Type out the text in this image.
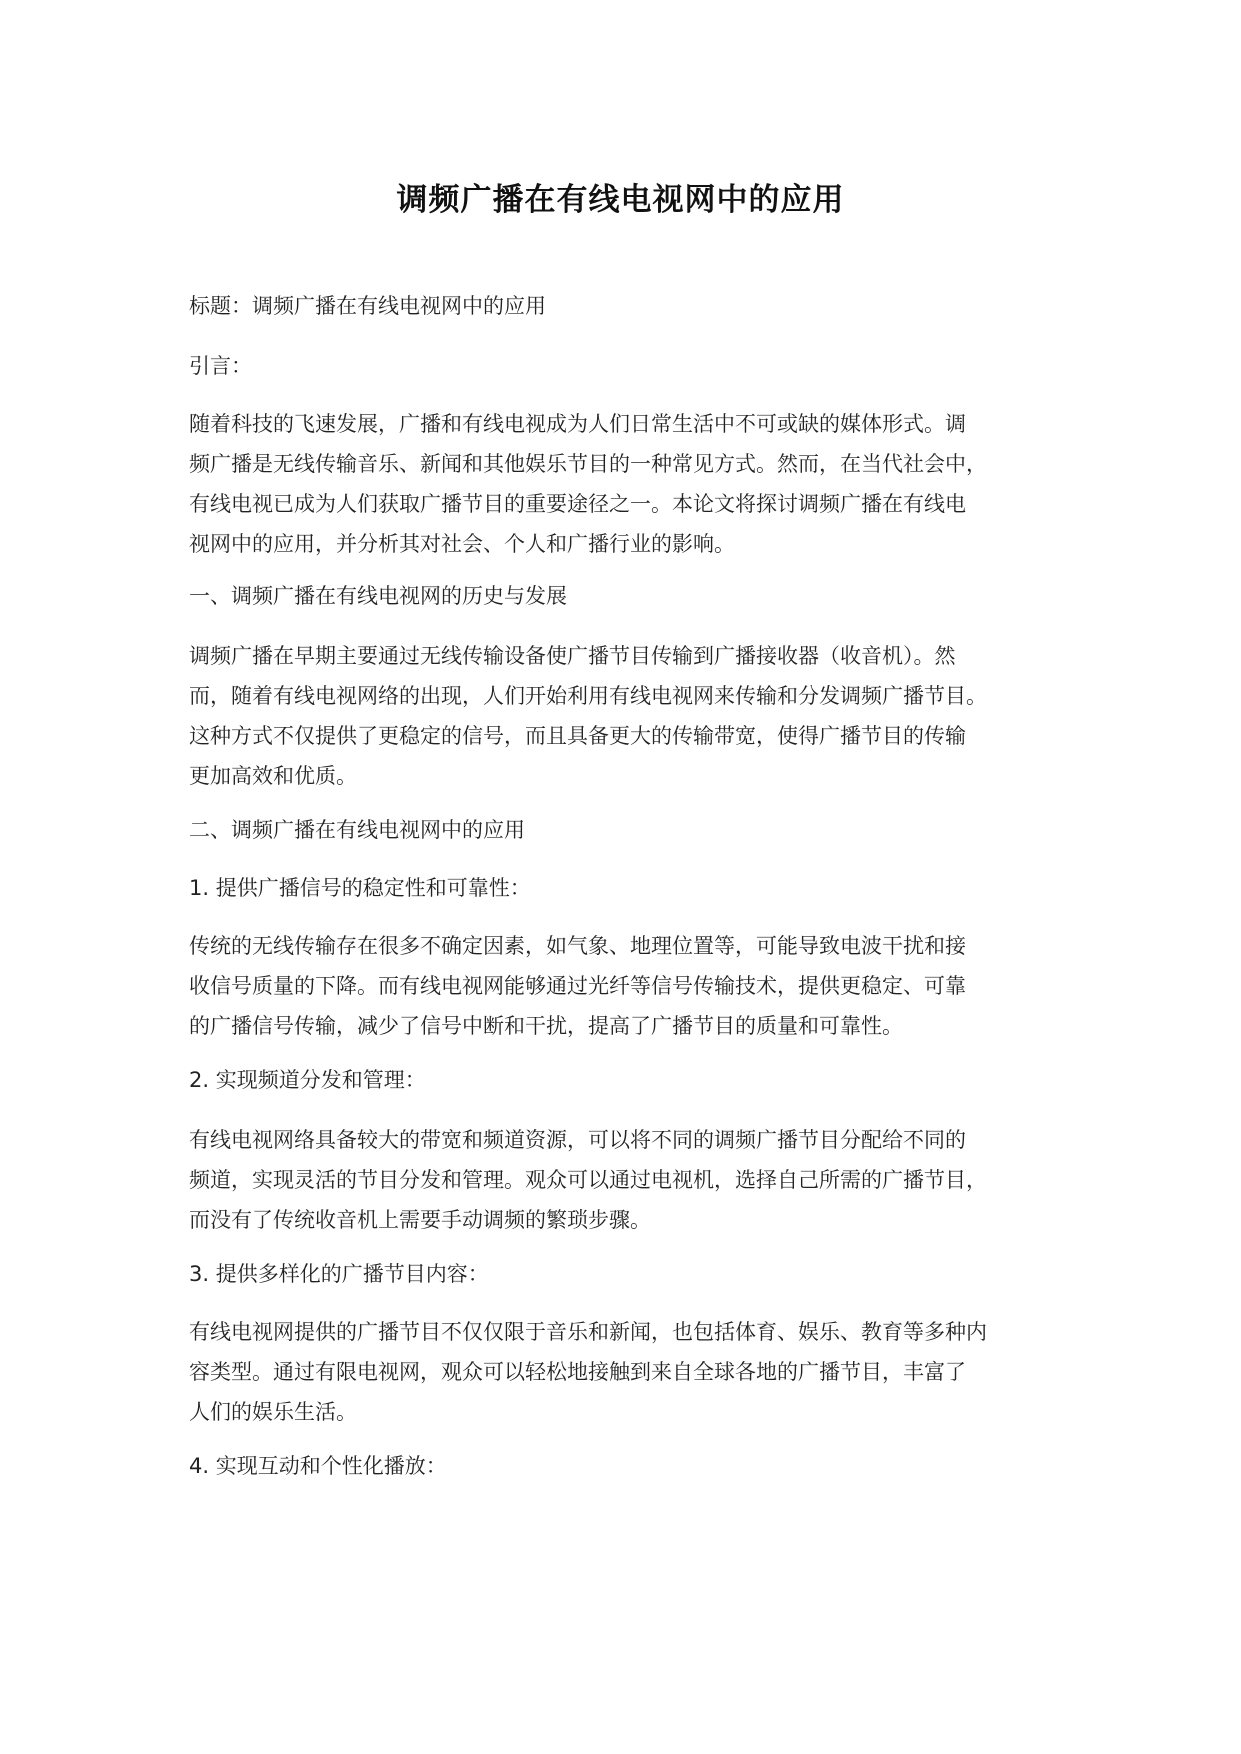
调频广播在有线电视网中的应用
标题：调频广播在有线电视网中的应用
引言：
随着科技的飞速发展，广播和有线电视成为人们日常生活中不可或缺的媒体形式。调
频广播是无线传输音乐、新闻和其他娱乐节目的一种常见方式。然而，在当代社会中，
有线电视已成为人们获取广播节目的重要途径之一。本论文将探讨调频广播在有线电
视网中的应用，并分析其对社会、个人和广播行业的影响。
一、调频广播在有线电视网的历史与发展
调频广播在早期主要通过无线传输设备使广播节目传输到广播接收器（收音机）。然
而，随着有线电视网络的出现，人们开始利用有线电视网来传输和分发调频广播节目。
这种方式不仅提供了更稳定的信号，而且具备更大的传输带宽，使得广播节目的传输
更加高效和优质。
二、调频广播在有线电视网中的应用
1. 提供广播信号的稳定性和可靠性：
传统的无线传输存在很多不确定因素，如气象、地理位置等，可能导致电波干扰和接
收信号质量的下降。而有线电视网能够通过光纤等信号传输技术，提供更稳定、可靠
的广播信号传输，减少了信号中断和干扰，提高了广播节目的质量和可靠性。
2. 实现频道分发和管理：
有线电视网络具备较大的带宽和频道资源，可以将不同的调频广播节目分配给不同的
频道，实现灵活的节目分发和管理。观众可以通过电视机，选择自己所需的广播节目，
而没有了传统收音机上需要手动调频的繁琐步骤。
3. 提供多样化的广播节目内容：
有线电视网提供的广播节目不仅仅限于音乐和新闻，也包括体育、娱乐、教育等多种内
容类型。通过有限电视网，观众可以轻松地接触到来自全球各地的广播节目，丰富了
人们的娱乐生活。
4. 实现互动和个性化播放：
